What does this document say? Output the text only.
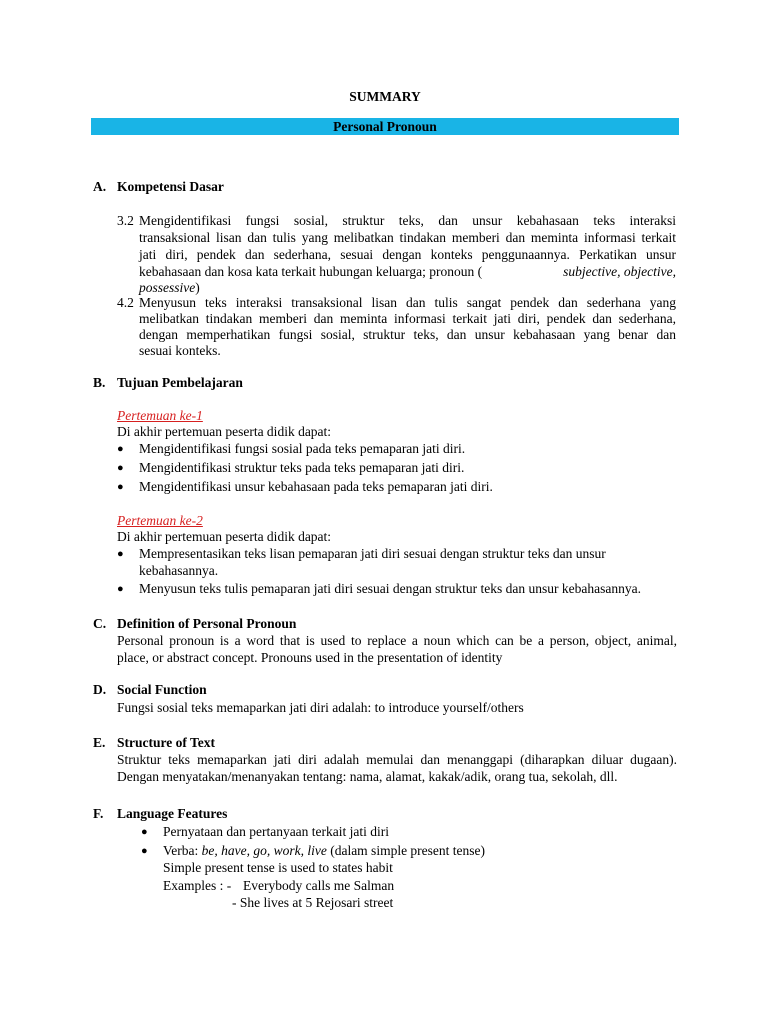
SUMMARY
Personal Pronoun
A. Kompetensi Dasar
3.2 Mengidentifikasi fungsi sosial, struktur teks, dan unsur kebahasaan teks interaksi
transaksional lisan dan tulis yang melibatkan tindakan memberi dan meminta informasi terkait
jati diri, pendek dan sederhana, sesuai dengan konteks penggunaannya. Perkatikan unsur
kebahasaan dan kosa kata terkait hubungan keluarga; pronoun (	subjective, objective,
possessive)
4.2 Menyusun teks interaksi transaksional lisan dan tulis sangat pendek dan sederhana yang
melibatkan tindakan memberi dan meminta informasi terkait jati diri, pendek dan sederhana,
dengan memperhatikan fungsi sosial, struktur teks, dan unsur kebahasaan yang benar dan
sesuai konteks.
B. Tujuan Pembelajaran
Pertemuan ke-1
Di akhir pertemuan peserta didik dapat:
● Mengidentifikasi fungsi sosial pada teks pemaparan jati diri.
● Mengidentifikasi struktur teks pada teks pemaparan jati diri.
● Mengidentifikasi unsur kebahasaan pada teks pemaparan jati diri.
Pertemuan ke-2
Di akhir pertemuan peserta didik dapat:
● Mempresentasikan teks lisan pemaparan jati diri sesuai dengan struktur teks dan unsur
kebahasannya.
● Menyusun teks tulis pemaparan jati diri sesuai dengan struktur teks dan unsur kebahasannya.
C. Definition of Personal Pronoun
Personal pronoun is a word that is used to replace a noun which can be a person, object, animal,
place, or abstract concept. Pronouns used in the presentation of identity
D. Social Function
Fungsi sosial teks memaparkan jati diri adalah: to introduce yourself/others
E. Structure of Text
Struktur teks memaparkan jati diri adalah memulai dan menanggapi (diharapkan diluar dugaan).
Dengan menyatakan/menanyakan tentang: nama, alamat, kakak/adik, orang tua, sekolah, dll.
F. Language Features
● Pernyataan dan pertanyaan terkait jati diri
● Verba: be, have, go, work, live (dalam simple present tense)
Simple present tense is used to states habit
Examples : - Everybody calls me Salman
- She lives at 5 Rejosari street
